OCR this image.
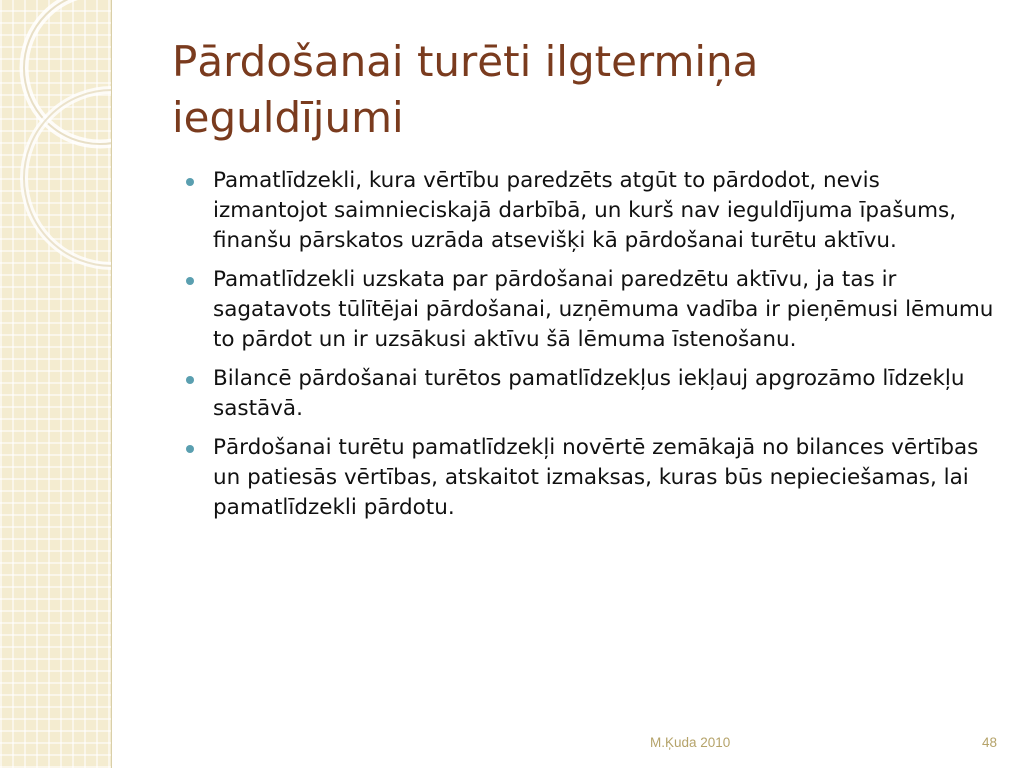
Pārdošanai turēti ilgtermiņa
ieguldījumi
Pamatlīdzekli, kura vērtību paredzēts atgūt to pārdodot, nevis izmantojot saimnieciskajā darbībā, un kurš nav ieguldījuma īpašums, finanšu pārskatos uzrāda atsevišķi kā pārdošanai turētu aktīvu.
Pamatlīdzekli uzskata par pārdošanai paredzētu aktīvu, ja tas ir sagatavots tūlītējai pārdošanai, uzņēmuma vadība ir pieņēmusi lēmumu to pārdot un ir uzsākusi aktīvu šā lēmuma īstenošanu.
Bilancē pārdošanai turētos pamatlīdzekļus iekļauj apgrozāmo līdzekļu sastāvā.
Pārdošanai turētu pamatlīdzekļi novērtē zemākajā no bilances vērtības un patiesās vērtības, atskaitot izmaksas, kuras būs nepieciešamas, lai pamatlīdzekli pārdotu.
M.Ķuda 2010	48
